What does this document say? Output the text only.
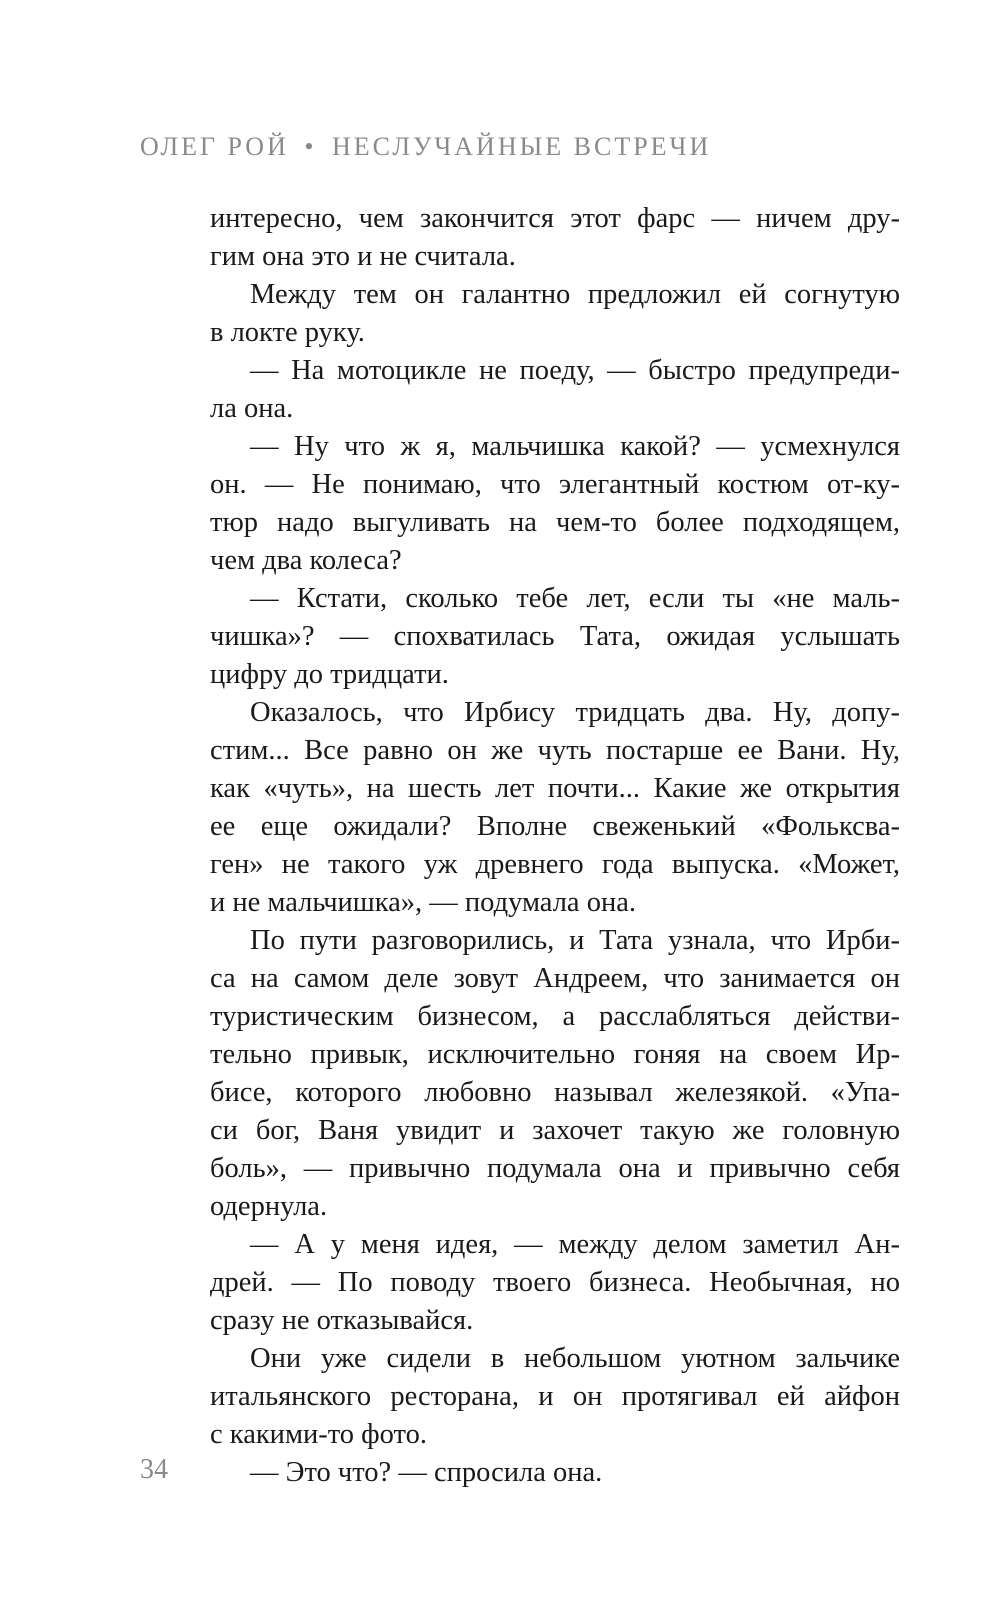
ОЛЕГ РОЙ • НЕСЛУЧАЙНЫЕ ВСТРЕЧИ
интересно, чем закончится этот фарс — ничем дру-
гим она это и не считала.
Между тем он галантно предложил ей согнутую
в локте руку.
— На мотоцикле не поеду, — быстро предупреди-
ла она.
— Ну что ж я, мальчишка какой? — усмехнулся
он. — Не понимаю, что элегантный костюм от-ку-
тюр надо выгуливать на чем-то более подходящем,
чем два колеса?
— Кстати, сколько тебе лет, если ты «не маль-
чишка»? — спохватилась Тата, ожидая услышать
цифру до тридцати.
Оказалось, что Ирбису тридцать два. Ну, допу-
стим... Все равно он же чуть постарше ее Вани. Ну,
как «чуть», на шесть лет почти... Какие же открытия
ее еще ожидали? Вполне свеженький «Фольксва-
ген» не такого уж древнего года выпуска. «Может,
и не мальчишка», — подумала она.
По пути разговорились, и Тата узнала, что Ирби-
са на самом деле зовут Андреем, что занимается он
туристическим бизнесом, а расслабляться действи-
тельно привык, исключительно гоняя на своем Ир-
бисе, которого любовно называл железякой. «Упа-
си бог, Ваня увидит и захочет такую же головную
боль», — привычно подумала она и привычно себя
одернула.
— А у меня идея, — между делом заметил Ан-
дрей. — По поводу твоего бизнеса. Необычная, но
сразу не отказывайся.
Они уже сидели в небольшом уютном зальчике
итальянского ресторана, и он протягивал ей айфон
с какими-то фото.
— Это что? — спросила она.
34
